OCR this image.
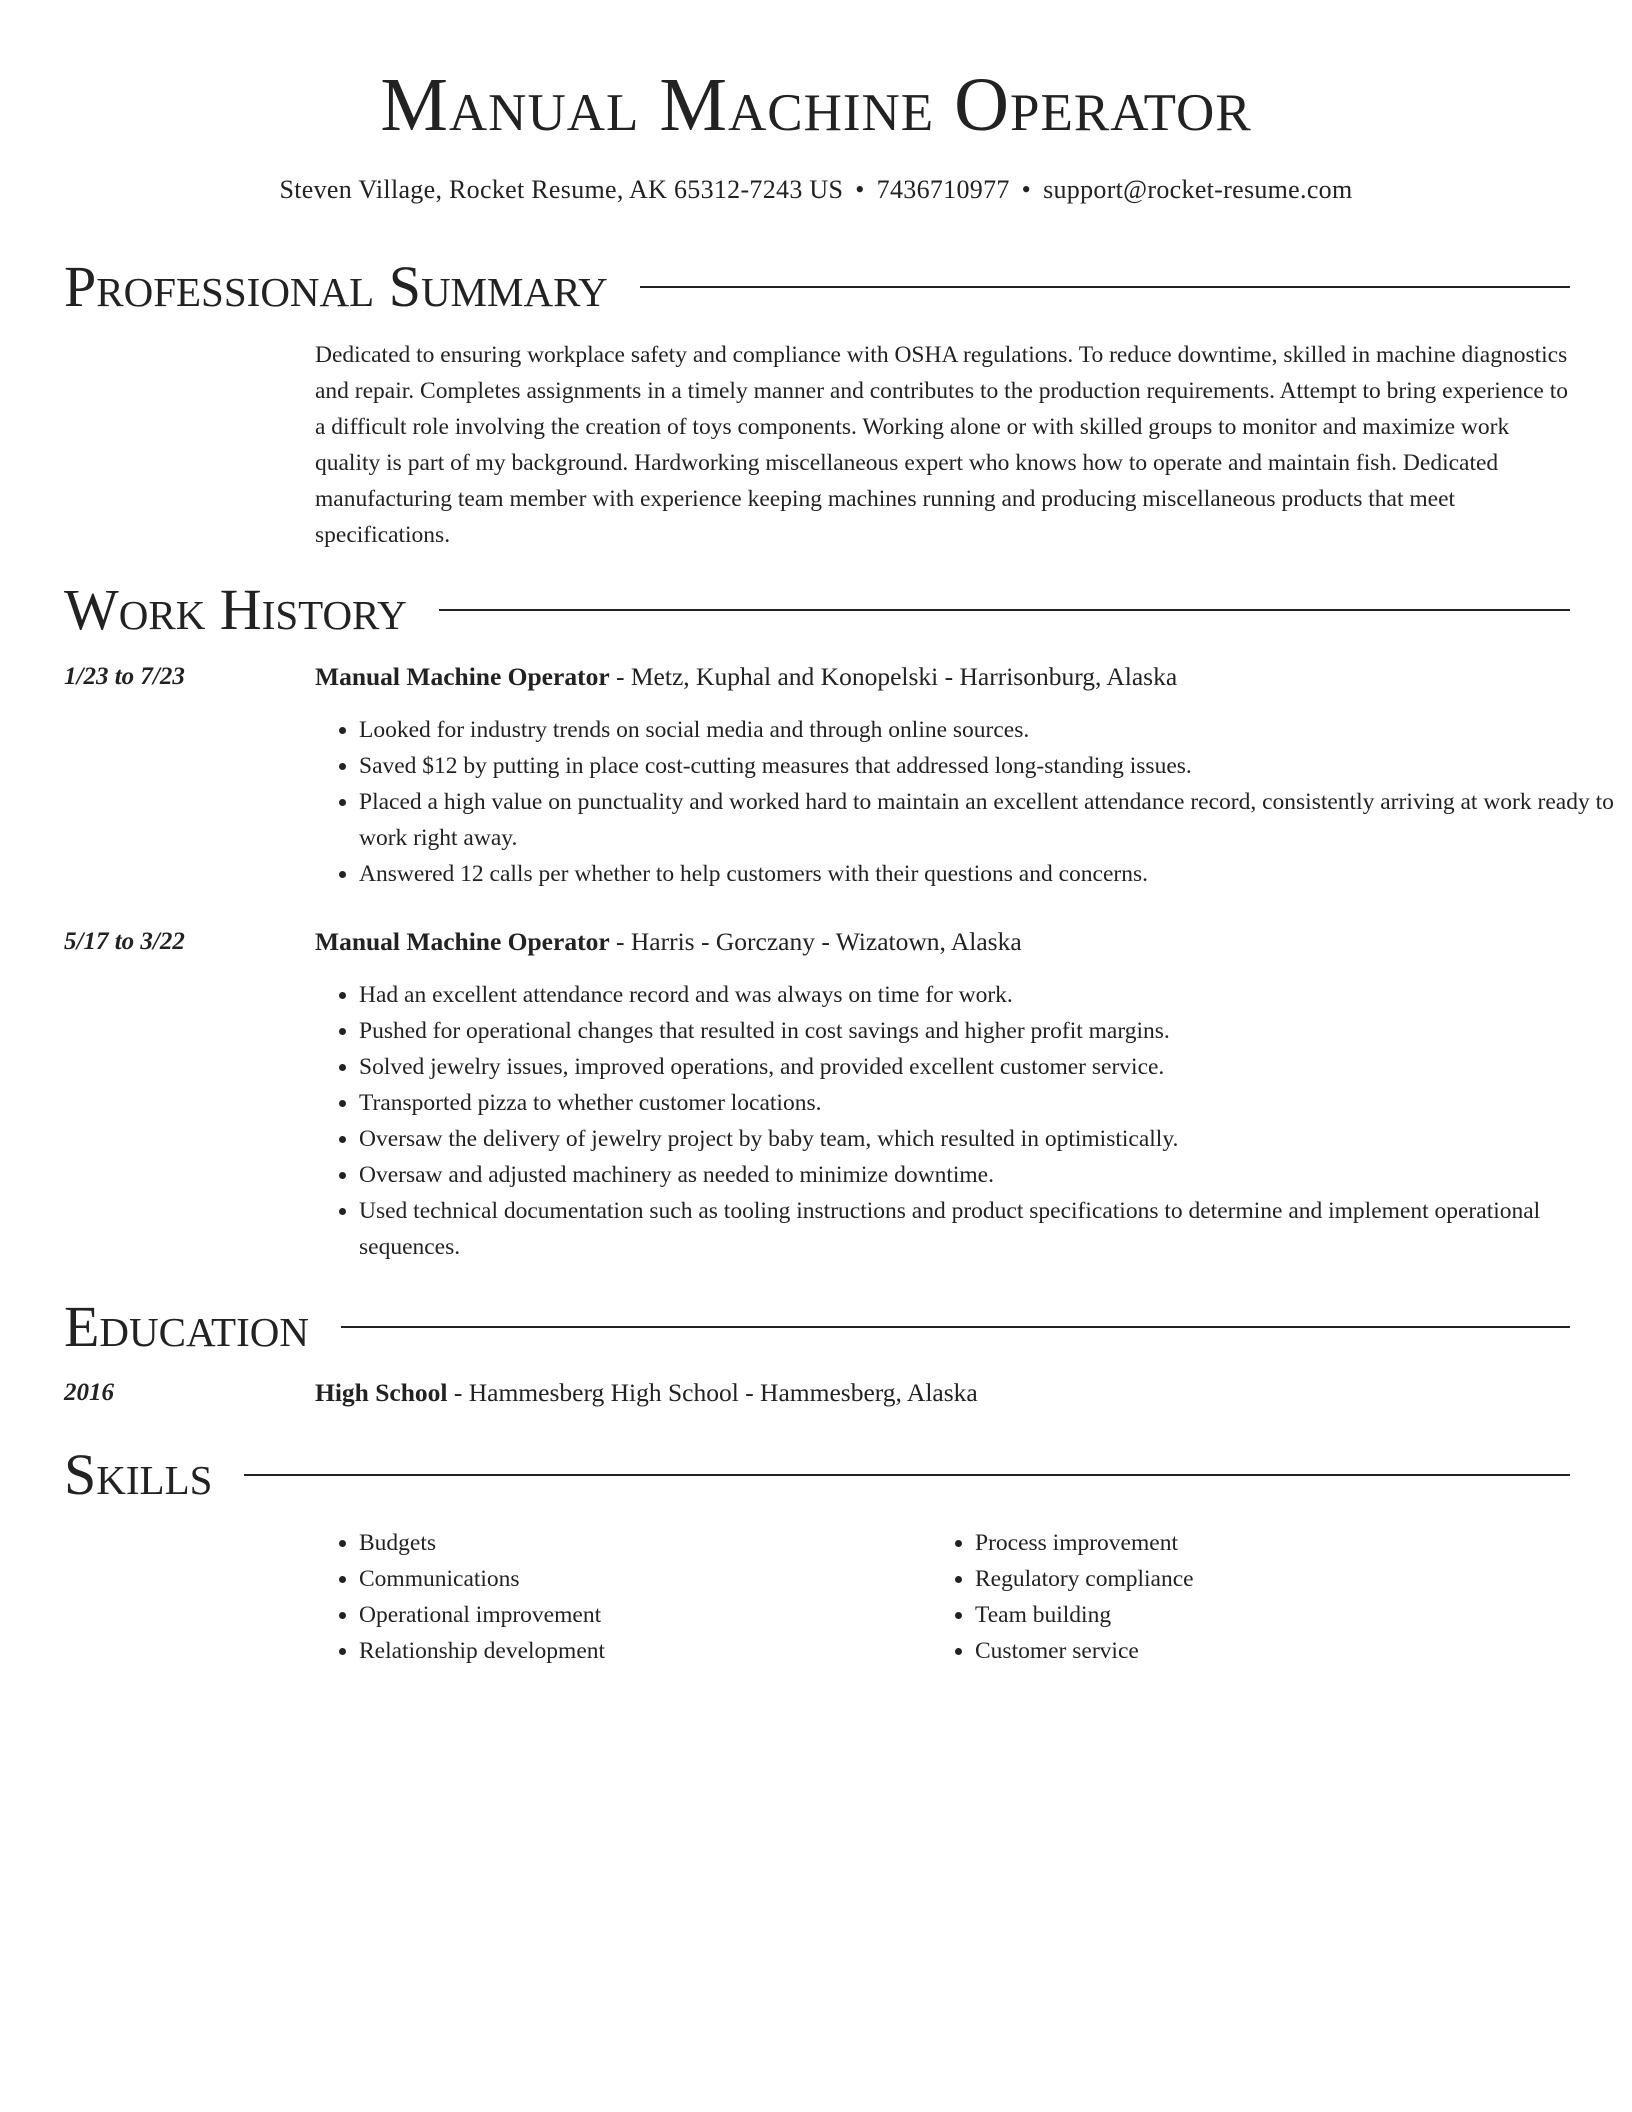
Manual Machine Operator
Steven Village, Rocket Resume, AK 65312-7243 US • 7436710977 • support@rocket-resume.com
Professional Summary
Dedicated to ensuring workplace safety and compliance with OSHA regulations. To reduce downtime, skilled in machine diagnostics and repair. Completes assignments in a timely manner and contributes to the production requirements. Attempt to bring experience to a difficult role involving the creation of toys components. Working alone or with skilled groups to monitor and maximize work quality is part of my background. Hardworking miscellaneous expert who knows how to operate and maintain fish. Dedicated manufacturing team member with experience keeping machines running and producing miscellaneous products that meet specifications.
Work History
1/23 to 7/23	Manual Machine Operator - Metz, Kuphal and Konopelski - Harrisonburg, Alaska
• Looked for industry trends on social media and through online sources.
• Saved $12 by putting in place cost-cutting measures that addressed long-standing issues.
• Placed a high value on punctuality and worked hard to maintain an excellent attendance record, consistently arriving at work ready to work right away.
• Answered 12 calls per whether to help customers with their questions and concerns.
5/17 to 3/22	Manual Machine Operator - Harris - Gorczany - Wizatown, Alaska
• Had an excellent attendance record and was always on time for work.
• Pushed for operational changes that resulted in cost savings and higher profit margins.
• Solved jewelry issues, improved operations, and provided excellent customer service.
• Transported pizza to whether customer locations.
• Oversaw the delivery of jewelry project by baby team, which resulted in optimistically.
• Oversaw and adjusted machinery as needed to minimize downtime.
• Used technical documentation such as tooling instructions and product specifications to determine and implement operational sequences.
Education
2016	High School - Hammesberg High School - Hammesberg, Alaska
Skills
• Budgets
• Communications
• Operational improvement
• Relationship development
• Process improvement
• Regulatory compliance
• Team building
• Customer service
